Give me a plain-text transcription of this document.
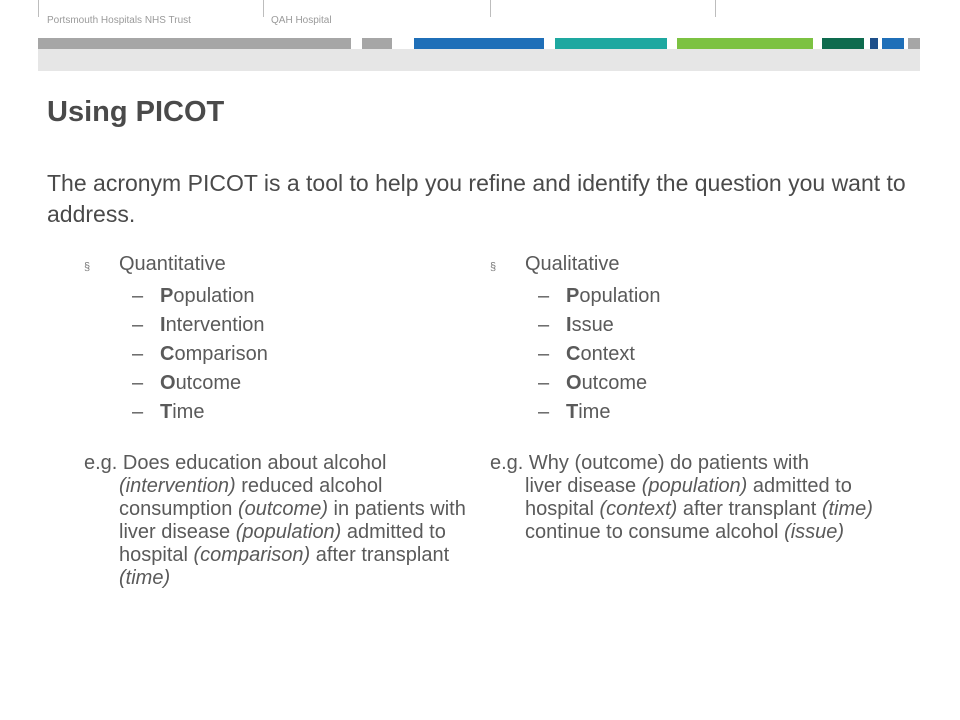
Portsmouth Hospitals NHS Trust	QAH Hospital
Using PICOT

The acronym PICOT is a tool to help you refine and identify the question you want to address.

§	Quantitative
– Population
– Intervention
– Comparison
– Outcome
– Time
§	Qualitative
– Population
– Issue
– Context
– Outcome
– Time
e.g. Does education about alcohol
(intervention) reduced alcohol consumption (outcome) in patients with liver disease (population) admitted to hospital (comparison) after transplant (time)
e.g. Why (outcome) do patients with
liver disease (population) admitted to hospital (context) after transplant (time) continue to consume alcohol (issue)
